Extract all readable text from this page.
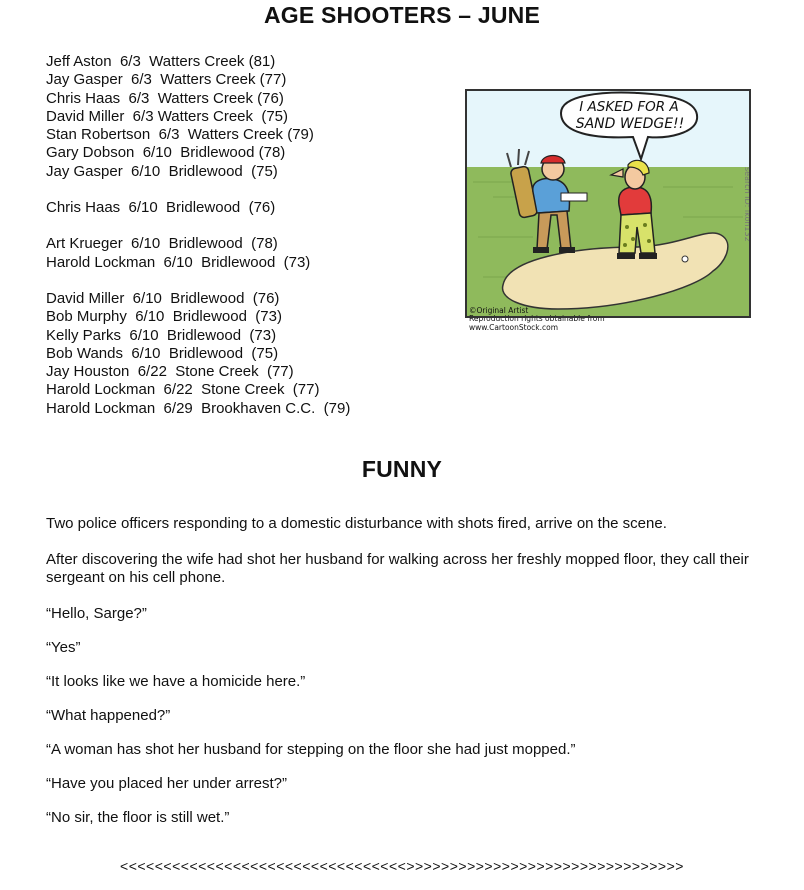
AGE SHOOTERS – JUNE
Jeff Aston  6/3  Watters Creek (81)
Jay Gasper  6/3  Watters Creek (77)
Chris Haas  6/3  Watters Creek (76)
David Miller  6/3 Watters Creek  (75)
Stan Robertson  6/3  Watters Creek (79)
Gary Dobson  6/10  Bridlewood (78)
Jay Gasper  6/10  Bridlewood  (75)
Chris Haas  6/10  Bridlewood  (76)
Art Krueger  6/10  Bridlewood  (78)
Harold Lockman  6/10  Bridlewood  (73)
David Miller  6/10  Bridlewood  (76)
Bob Murphy  6/10  Bridlewood  (73)
Kelly Parks  6/10  Bridlewood  (73)
Bob Wands  6/10  Bridlewood  (75)
Jay Houston  6/22  Stone Creek  (77)
Harold Lockman  6/22  Stone Creek  (77)
Harold Lockman  6/29  Brookhaven C.C.  (79)
I ASKED FOR A
SAND WEDGE!!
©Original Artist
Reproduction rights obtainable from
www.CartoonStock.com
search ID: lkon132
FUNNY

Two police officers responding to a domestic disturbance with shots fired, arrive on the scene.

After discovering the wife had shot her husband for walking across her freshly mopped floor, they call their sergeant on his cell phone.

“Hello, Sarge?”

“Yes”

“It looks like we have a homicide here.”

“What happened?”

“A woman has shot her husband for stepping on the floor she had just mopped.”

“Have you placed her under arrest?”

“No sir, the floor is still wet.”

<<<<<<<<<<<<<<<<<<<<<<<<<<<<<<<<<>>>>>>>>>>>>>>>>>>>>>>>>>>>>>>>>
